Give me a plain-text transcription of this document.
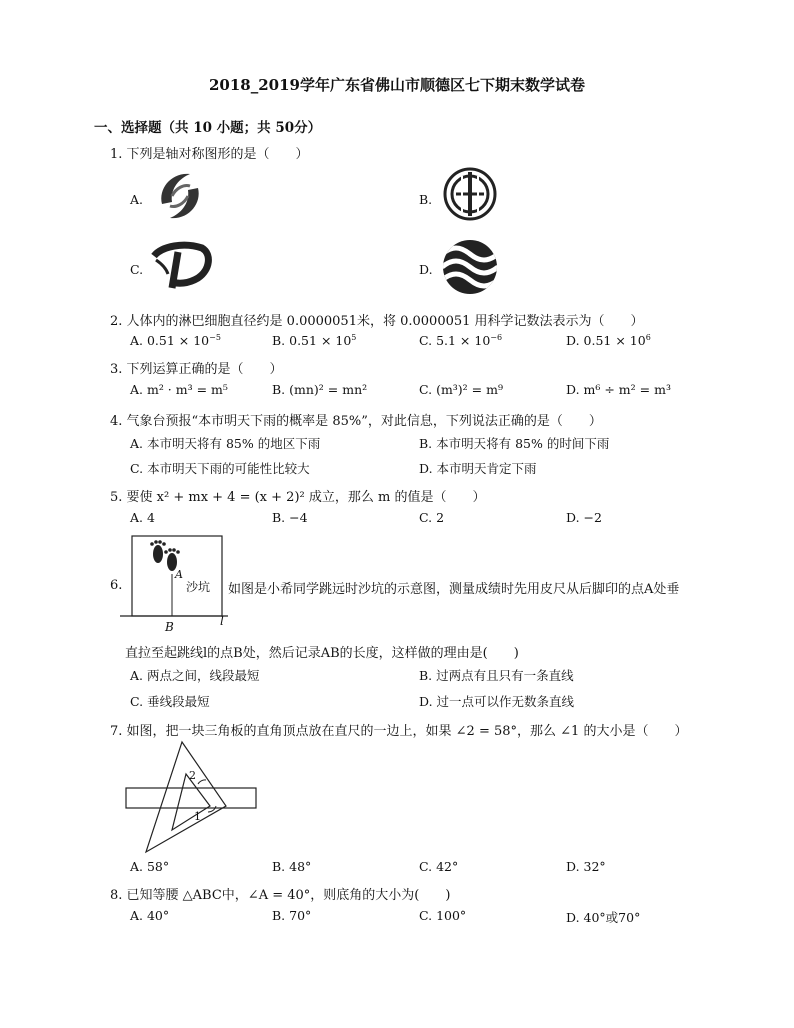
2018_2019学年广东省佛山市顺德区七下期末数学试卷
一、选择题（共 10 小题；共 50分）
1. 下列是轴对称图形的是（　　）
A.	B.
C.	D.
2. 人体内的淋巴细胞直径约是 0.0000051米，将 0.0000051 用科学记数法表示为（　　）
A. $0.51 \times 10^{-5}$	B. $0.51 \times 10^5$	C. $5.1 \times 10^{-6}$	D. $0.51 \times 10^6$
3. 下列运算正确的是（　　）
A. m² · m³ = m⁵	B. (mn)² = mn²	C. (m³)² = m⁹	D. m⁶ ÷ m² = m³
4. 气象台预报“本市明天下雨的概率是 85%”，对此信息，下列说法正确的是（　　）
A. 本市明天将有 85% 的地区下雨	B. 本市明天将有 85% 的时间下雨
C. 本市明天下雨的可能性比较大	D. 本市明天肯定下雨
5. 要使 x² + mx + 4 = (x + 2)² 成立，那么 m 的值是（　　）
A. 4	B. −4	C. 2	D. −2
6.
A
沙坑
B	l
如图是小希同学跳远时沙坑的示意图，测量成绩时先用皮尺从后脚印的点A处垂
直拉至起跳线l的点B处，然后记录AB的长度，这样做的理由是(　　)
A. 两点之间，线段最短	B. 过两点有且只有一条直线
C. 垂线段最短	D. 过一点可以作无数条直线
7. 如图，把一块三角板的直角顶点放在直尺的一边上，如果 ∠2 = 58°，那么 ∠1 的大小是（　　）
2
1
A. 58°	B. 48°	C. 42°	D. 32°
8. 已知等腰 △ABC中，∠A = 40°，则底角的大小为(　　)
A. 40°	B. 70°	C. 100°	D. 40°或70°
